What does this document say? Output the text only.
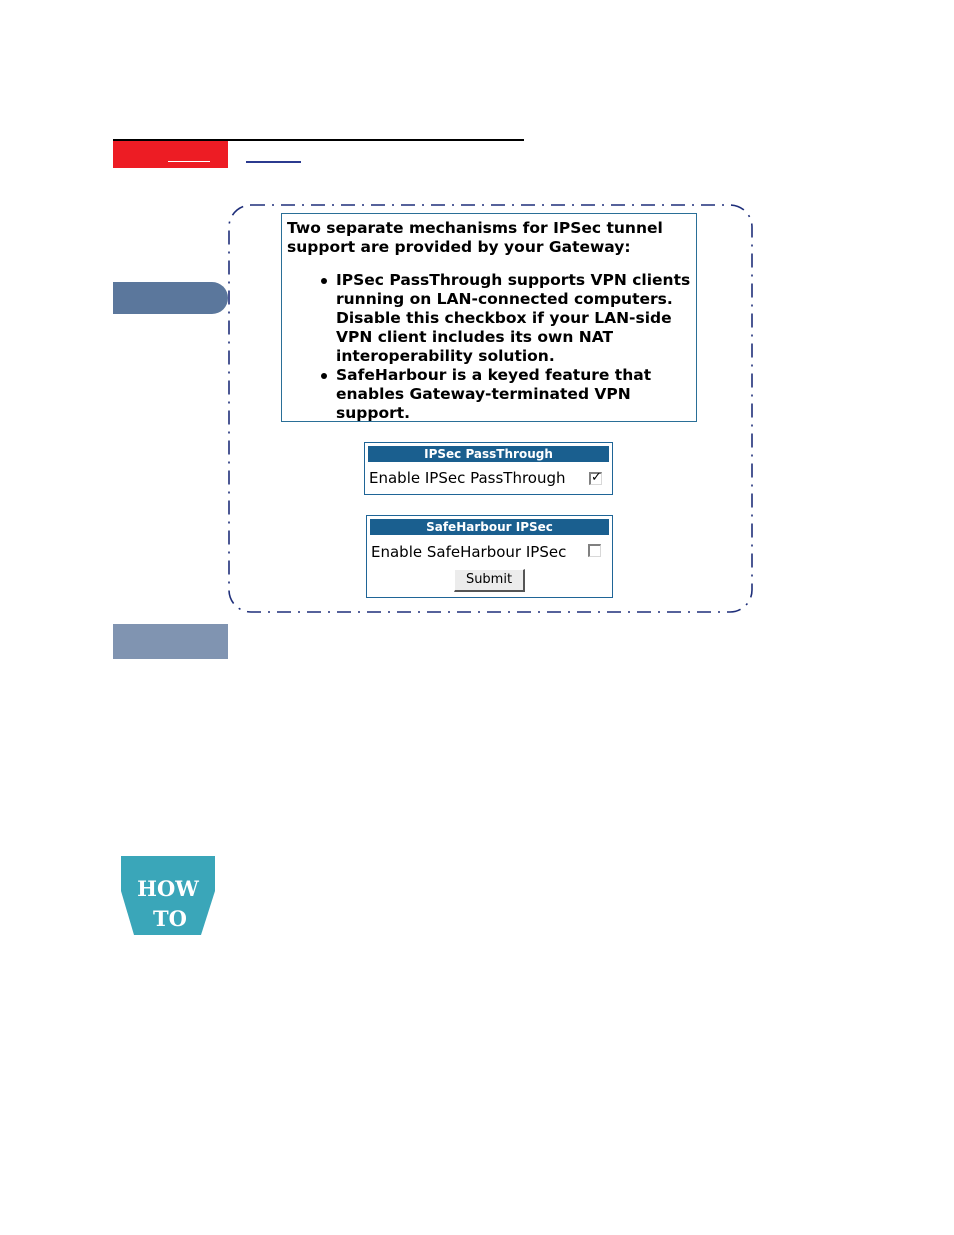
Two separate mechanisms for IPSec tunnel support are provided by your Gateway:

IPSec PassThrough supports VPN clients running on LAN-connected computers. Disable this checkbox if your LAN-side VPN client includes its own NAT interoperability solution.
SafeHarbour is a keyed feature that enables Gateway-terminated VPN support.
IPSec PassThrough
Enable IPSec PassThrough ✓
SafeHarbour IPSec
Enable SafeHarbour IPSec
Submit
HOW
TO
